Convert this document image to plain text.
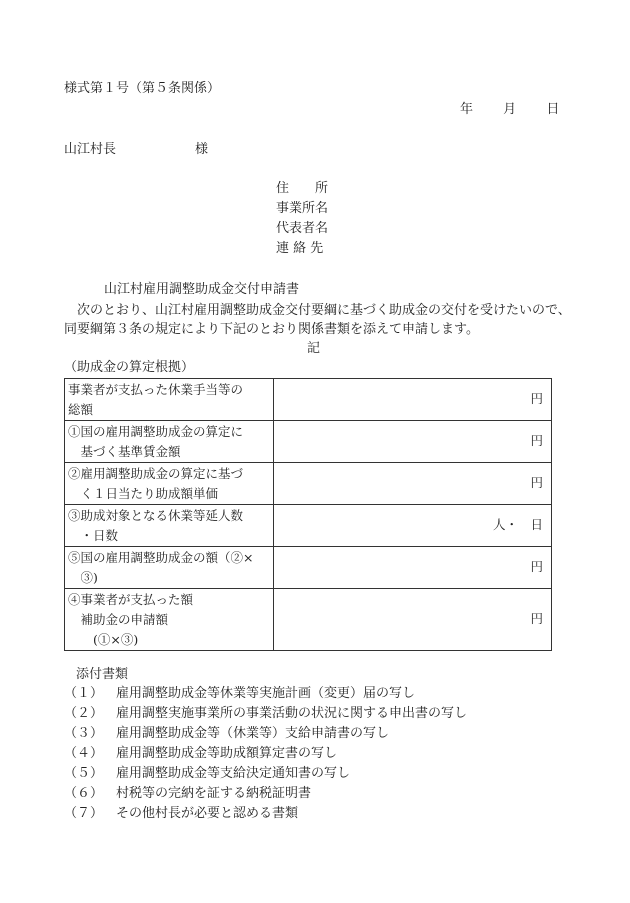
様式第１号（第５条関係）
年 月 日
山江村長	様
住　　所
事業所名
代表者名
連 絡 先
山江村雇用調整助成金交付申請書

　次のとおり、山江村雇用調整助成金交付要綱に基づく助成金の交付を受けたいので、

同要綱第３条の規定により下記のとおり関係書類を添えて申請します。

記
（助成金の算定根拠）
事業者が支払った休業手当等の
総額	円

①国の雇用調整助成金の算定に
　基づく基準賃金額	円

②雇用調整助成金の算定に基づ
　く１日当たり助成額単価	円

③助成対象となる休業等延人数
　・日数	人・　日

⑤国の雇用調整助成金の額（②×
　③)	円

④事業者が支払った額
　補助金の申請額
　　(①×③)	円
添付書類
（１） 雇用調整助成金等休業等実施計画（変更）届の写し
（２） 雇用調整実施事業所の事業活動の状況に関する申出書の写し
（３） 雇用調整助成金等（休業等）支給申請書の写し
（４） 雇用調整助成金等助成額算定書の写し
（５） 雇用調整助成金等支給決定通知書の写し
（６） 村税等の完納を証する納税証明書
（７） その他村長が必要と認める書類
